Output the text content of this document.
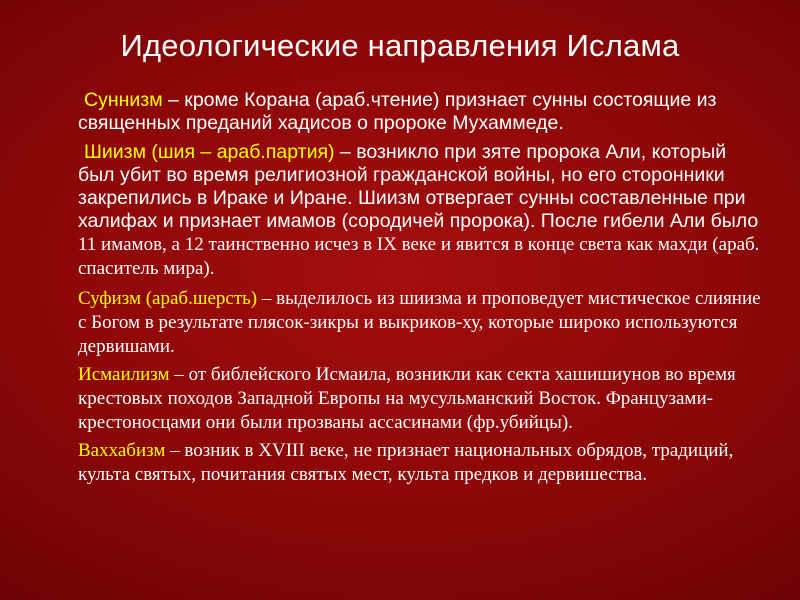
Идеологические направления Ислама

Суннизм – кроме Корана (араб.чтение) признает сунны состоящие из священных преданий хадисов о пророке Мухаммеде.

Шиизм (шия – араб.партия) – возникло при зяте пророка Али, который был убит во время религиозной гражданской войны, но его сторонники закрепились в Ираке и Иране. Шиизм отвергает сунны составленные при халифах и признает имамов (сородичей пророка). После гибели Али было 11 имамов, а 12 таинственно исчез в IX веке и явится в конце света как махди (араб. спаситель мира).

Суфизм (араб.шерсть) – выделилось из шиизма и проповедует мистическое слияние с Богом в результате плясок-зикры и выкриков-ху, которые широко используются дервишами.

Исмаилизм – от библейского Исмаила, возникли как секта хашишиунов во время крестовых походов Западной Европы на мусульманский Восток. Французами-крестоносцами они были прозваны ассасинами (фр.убийцы).

Ваххабизм – возник в XVIII веке, не признает национальных обрядов, традиций, культа святых, почитания святых мест, культа предков и дервишества.
